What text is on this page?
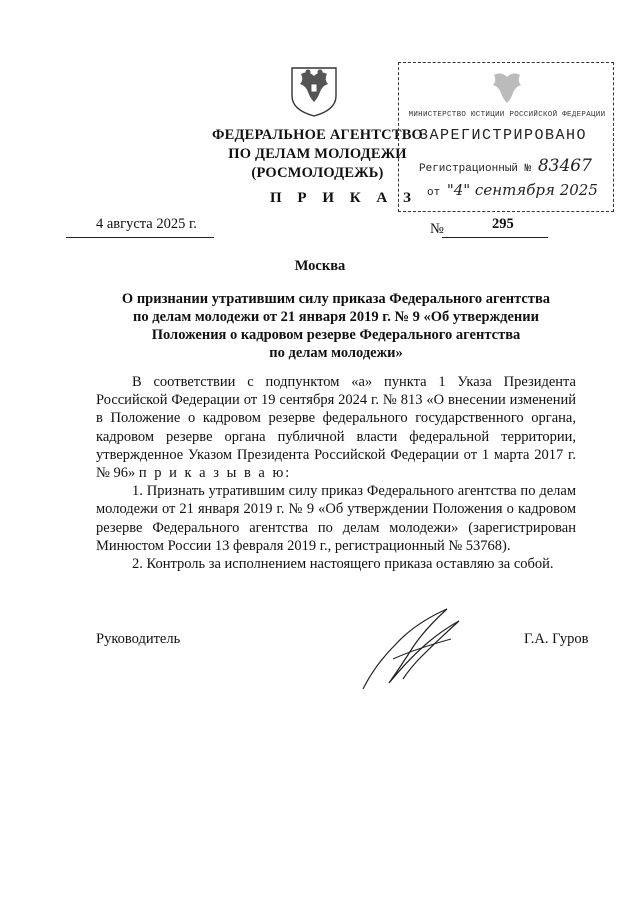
ФЕДЕРАЛЬНОЕ АГЕНТСТВО
ПО ДЕЛАМ МОЛОДЕЖИ
(РОСМОЛОДЕЖЬ)
П Р И К А З
4 августа 2025 г.	№	295
Москва
МИНИСТЕРСТВО ЮСТИЦИИ РОССИЙСКОЙ ФЕДЕРАЦИИ
ЗАРЕГИСТРИРОВАНО
Регистрационный № 83467
от "4" сентября 2025
О признании утратившим силу приказа Федерального агентства
по делам молодежи от 21 января 2019 г. № 9 «Об утверждении
Положения о кадровом резерве Федерального агентства
по делам молодежи»

В соответствии с подпунктом «а» пункта 1 Указа Президента Российской Федерации от 19 сентября 2024 г. № 813 «О внесении изменений в Положение о кадровом резерве федерального государственного органа, кадровом резерве органа публичной власти федеральной территории, утвержденное Указом Президента Российской Федерации от 1 марта 2017 г. № 96» п р и к а з ы в а ю:

1. Признать утратившим силу приказ Федерального агентства по делам молодежи от 21 января 2019 г. № 9 «Об утверждении Положения о кадровом резерве Федерального агентства по делам молодежи» (зарегистрирован Минюстом России 13 февраля 2019 г., регистрационный № 53768).

2. Контроль за исполнением настоящего приказа оставляю за собой.

Руководитель	Г.А. Гуров
